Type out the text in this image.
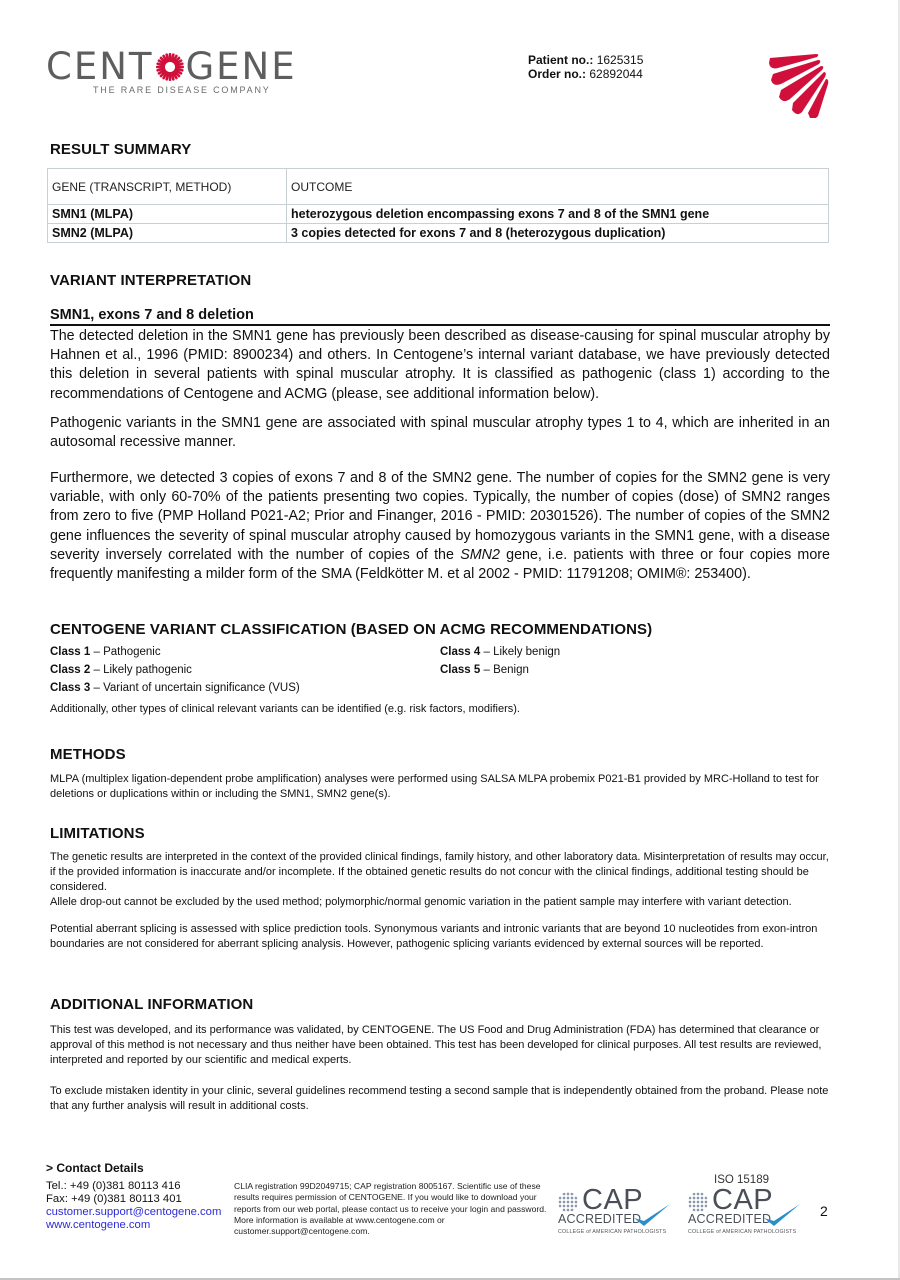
CENT GENE
THE RARE DISEASE COMPANY
Patient no.: 1625315
Order no.: 62892044
RESULT SUMMARY
GENE (TRANSCRIPT, METHOD)	OUTCOME
SMN1 (MLPA)	heterozygous deletion encompassing exons 7 and 8 of the SMN1 gene
SMN2 (MLPA)	3 copies detected for exons 7 and 8 (heterozygous duplication)
VARIANT INTERPRETATION
SMN1, exons 7 and 8 deletion
The detected deletion in the SMN1 gene has previously been described as disease-causing for spinal muscular atrophy by Hahnen et al., 1996 (PMID: 8900234) and others. In Centogene’s internal variant database, we have previously detected this deletion in several patients with spinal muscular atrophy. It is classified as pathogenic (class 1) according to the recommendations of Centogene and ACMG (please, see additional information below).
Pathogenic variants in the SMN1 gene are associated with spinal muscular atrophy types 1 to 4, which are inherited in an autosomal recessive manner.
Furthermore, we detected 3 copies of exons 7 and 8 of the SMN2 gene. The number of copies for the SMN2 gene is very variable, with only 60-70% of the patients presenting two copies. Typically, the number of copies (dose) of SMN2 ranges from zero to five (PMP Holland P021-A2; Prior and Finanger, 2016 - PMID: 20301526). The number of copies of the SMN2 gene influences the severity of spinal muscular atrophy caused by homozygous variants in the SMN1 gene, with a disease severity inversely correlated with the number of copies of the SMN2 gene, i.e. patients with three or four copies more frequently manifesting a milder form of the SMA (Feldkötter M. et al 2002 - PMID: 11791208; OMIM®: 253400).
CENTOGENE VARIANT CLASSIFICATION (BASED ON ACMG RECOMMENDATIONS)
Class 1 – Pathogenic
Class 2 – Likely pathogenic
Class 3 – Variant of uncertain significance (VUS)
Class 4 – Likely benign
Class 5 – Benign
Additionally, other types of clinical relevant variants can be identified (e.g. risk factors, modifiers).
METHODS
MLPA (multiplex ligation-dependent probe amplification) analyses were performed using SALSA MLPA probemix P021-B1 provided by MRC-Holland to test for deletions or duplications within or including the SMN1, SMN2 gene(s).
LIMITATIONS
The genetic results are interpreted in the context of the provided clinical findings, family history, and other laboratory data. Misinterpretation of results may occur, if the provided information is inaccurate and/or incomplete. If the obtained genetic results do not concur with the clinical findings, additional testing should be considered.
Allele drop-out cannot be excluded by the used method; polymorphic/normal genomic variation in the patient sample may interfere with variant detection.
Potential aberrant splicing is assessed with splice prediction tools. Synonymous variants and intronic variants that are beyond 10 nucleotides from exon-intron boundaries are not considered for aberrant splicing analysis. However, pathogenic splicing variants evidenced by external sources will be reported.
ADDITIONAL INFORMATION
This test was developed, and its performance was validated, by CENTOGENE. The US Food and Drug Administration (FDA) has determined that clearance or approval of this method is not necessary and thus neither have been obtained. This test has been developed for clinical purposes. All test results are reviewed, interpreted and reported by our scientific and medical experts.
To exclude mistaken identity in your clinic, several guidelines recommend testing a second sample that is independently obtained from the proband. Please note that any further analysis will result in additional costs.
> Contact Details
Tel.: +49 (0)381 80113 416
Fax: +49 (0)381 80113 401
customer.support@centogene.com
www.centogene.com
CLIA registration 99D2049715; CAP registration 8005167. Scientific use of these results requires permission of CENTOGENE. If you would like to download your reports from our web portal, please contact us to receive your login and password. More information is available at www.centogene.com or customer.support@centogene.com.
CAP
ACCREDITED
COLLEGE of AMERICAN PATHOLOGISTS
ISO 15189
CAP
ACCREDITED
COLLEGE of AMERICAN PATHOLOGISTS
2
